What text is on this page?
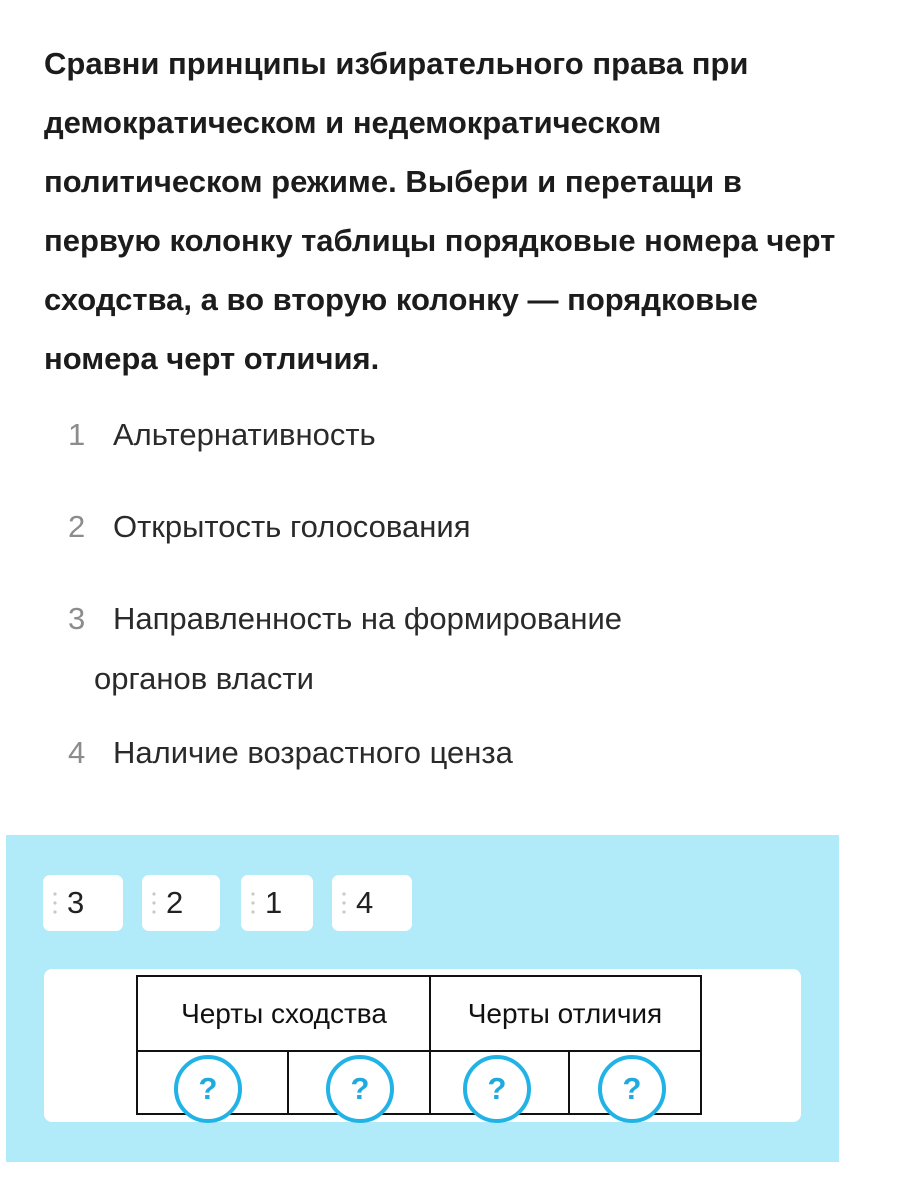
Сравни принципы избирательного права при демократическом и недемократическом политическом режиме. Выбери и перетащи в первую колонку таблицы порядковые номера черт сходства, а во вторую колонку — порядковые номера черт отличия.

1 Альтернативность
2 Открытость голосования
3 Направленность на формирование
органов власти
4 Наличие возрастного ценза
3	2	1 4
Черты сходства	Черты отличия
?	?	?	?
